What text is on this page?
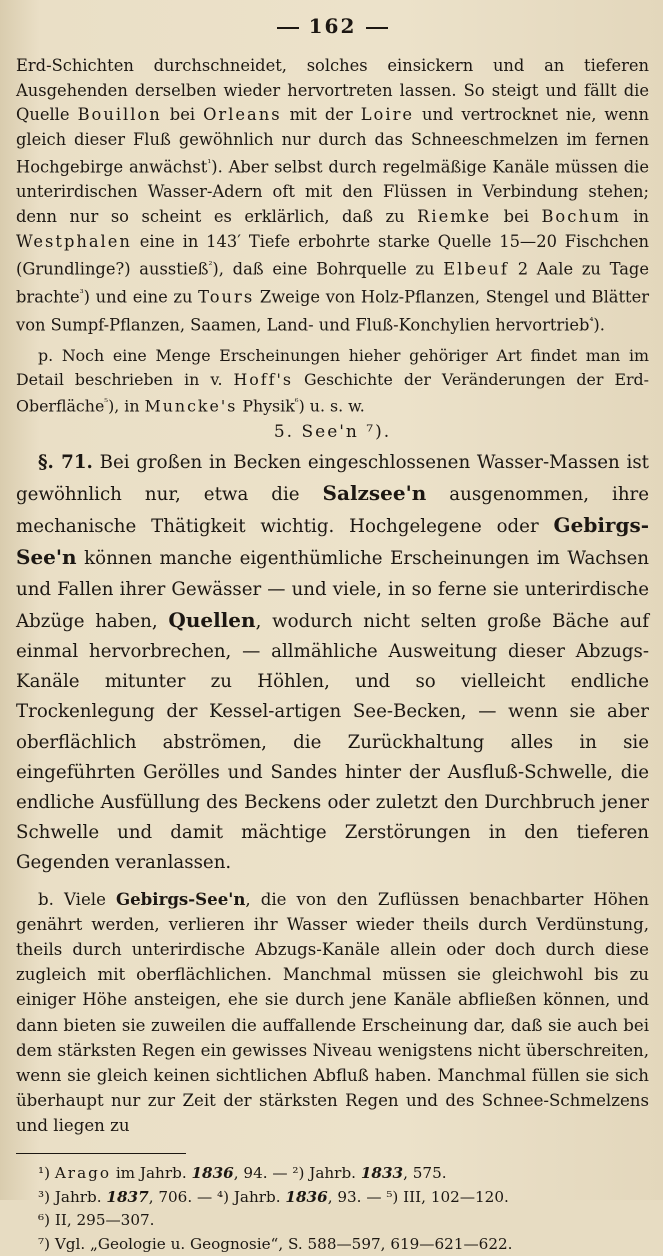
162
Erd-Schichten durchschneidet, solches einsickern und an tieferen Ausgehenden derselben wieder hervortreten lassen. So steigt und fällt die Quelle Bouillon bei Orleans mit der Loire und vertrocknet nie, wenn gleich dieser Fluß gewöhnlich nur durch das Schneeschmelzen im fernen Hochgebirge anwächst$^{^1}$). Aber selbst durch regelmäßige Kanäle müssen die unterirdischen Wasser-Adern oft mit den Flüssen in Verbindung stehen; denn nur so scheint es erklärlich, daß zu Riemke bei Bochum in Westphalen eine in 143′ Tiefe erbohrte starke Quelle 15—20 Fischchen (Grundlinge?) ausstieß$^{^2}$), daß eine Bohrquelle zu Elbeuf 2 Aale zu Tage brachte$^{^3}$) und eine zu Tours Zweige von Holz-Pflanzen, Stengel und Blätter von Sumpf-Pflanzen, Saamen, Land- und Fluß-Konchylien hervortrieb$^{^4}$).
p. Noch eine Menge Erscheinungen hieher gehöriger Art findet man im Detail beschrieben in v. Hoff's Geschichte der Veränderungen der Erd-Oberfläche$^{^5}$), in Muncke's Physik$^{^6}$) u. s. w.
5. See'n ⁷).
§. 71. Bei großen in Becken eingeschlossenen Wasser-Massen ist gewöhnlich nur, etwa die Salzsee'n ausgenommen, ihre mechanische Thätigkeit wichtig. Hochgelegene oder Gebirgs-See'n können manche eigenthümliche Erscheinungen im Wachsen und Fallen ihrer Gewässer — und viele, in so ferne sie unterirdische Abzüge haben, Quellen, wodurch nicht selten große Bäche auf einmal hervorbrechen, — allmähliche Ausweitung dieser Abzugs-Kanäle mitunter zu Höhlen, und so vielleicht endliche Trockenlegung der Kessel-artigen See-Becken, — wenn sie aber oberflächlich abströmen, die Zurückhaltung alles in sie eingeführten Gerölles und Sandes hinter der Ausfluß-Schwelle, die endliche Ausfüllung des Beckens oder zuletzt den Durchbruch jener Schwelle und damit mächtige Zerstörungen in den tieferen Gegenden veranlassen.
b. Viele Gebirgs-See'n, die von den Zuflüssen benachbarter Höhen genährt werden, verlieren ihr Wasser wieder theils durch Verdünstung, theils durch unterirdische Abzugs-Kanäle allein oder doch durch diese zugleich mit oberflächlichen. Manchmal müssen sie gleichwohl bis zu einiger Höhe ansteigen, ehe sie durch jene Kanäle abfließen können, und dann bieten sie zuweilen die auffallende Erscheinung dar, daß sie auch bei dem stärksten Regen ein gewisses Niveau wenigstens nicht überschreiten, wenn sie gleich keinen sichtlichen Abfluß haben. Manchmal füllen sie sich überhaupt nur zur Zeit der stärksten Regen und des Schnee-Schmelzens und liegen zu
¹) Arago im Jahrb. 1836, 94. — ²) Jahrb. 1833, 575.
³) Jahrb. 1837, 706. — ⁴) Jahrb. 1836, 93. — ⁵) III, 102—120.
⁶) II, 295—307.
⁷) Vgl. „Geologie u. Geognosie“, S. 588—597, 619—621—622.
